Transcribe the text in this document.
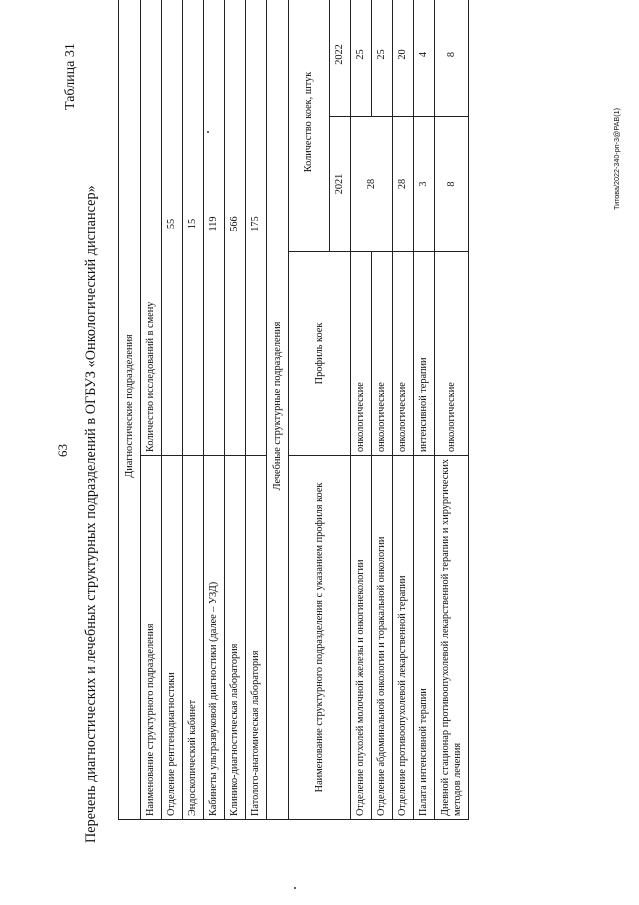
63
Таблица 31
Перечень диагностических и лечебных структурных подразделений в ОГБУЗ «Онкологический диспансер» Диагностические подразделения			
Наименование структурного подразделения	Количество исследований в смену		
Отделение рентгенодиагностики	55		
Эндоскопический кабинет	15		
Кабинеты ультразвуковой диагностики (далее – УЗД)	119		
Клинико-диагностическая лаборатория	566		
Патолого-анатомическая лаборатория	175		
Лечебные структурные подразделения			
Наименование структурного подразделения с указанием профиля коек	Профиль коек	Количество коек, штук	
		2021	2022
Отделение опухолей молочной железы и онкогинекологии	онкологические	28	25
Отделение абдоминальной онкологии и торакальной онкологии	онкологические		25
Отделение противоопухолевой лекарственной терапии	онкологические	28	20
Палата интенсивной терапии	интенсивной терапии	3	4
Дневной стационар противоопухолевой лекарственной терапии и хирургических методов лечения	онкологические	8	8
Титова/2022-340-рп-3@PAB(1)
